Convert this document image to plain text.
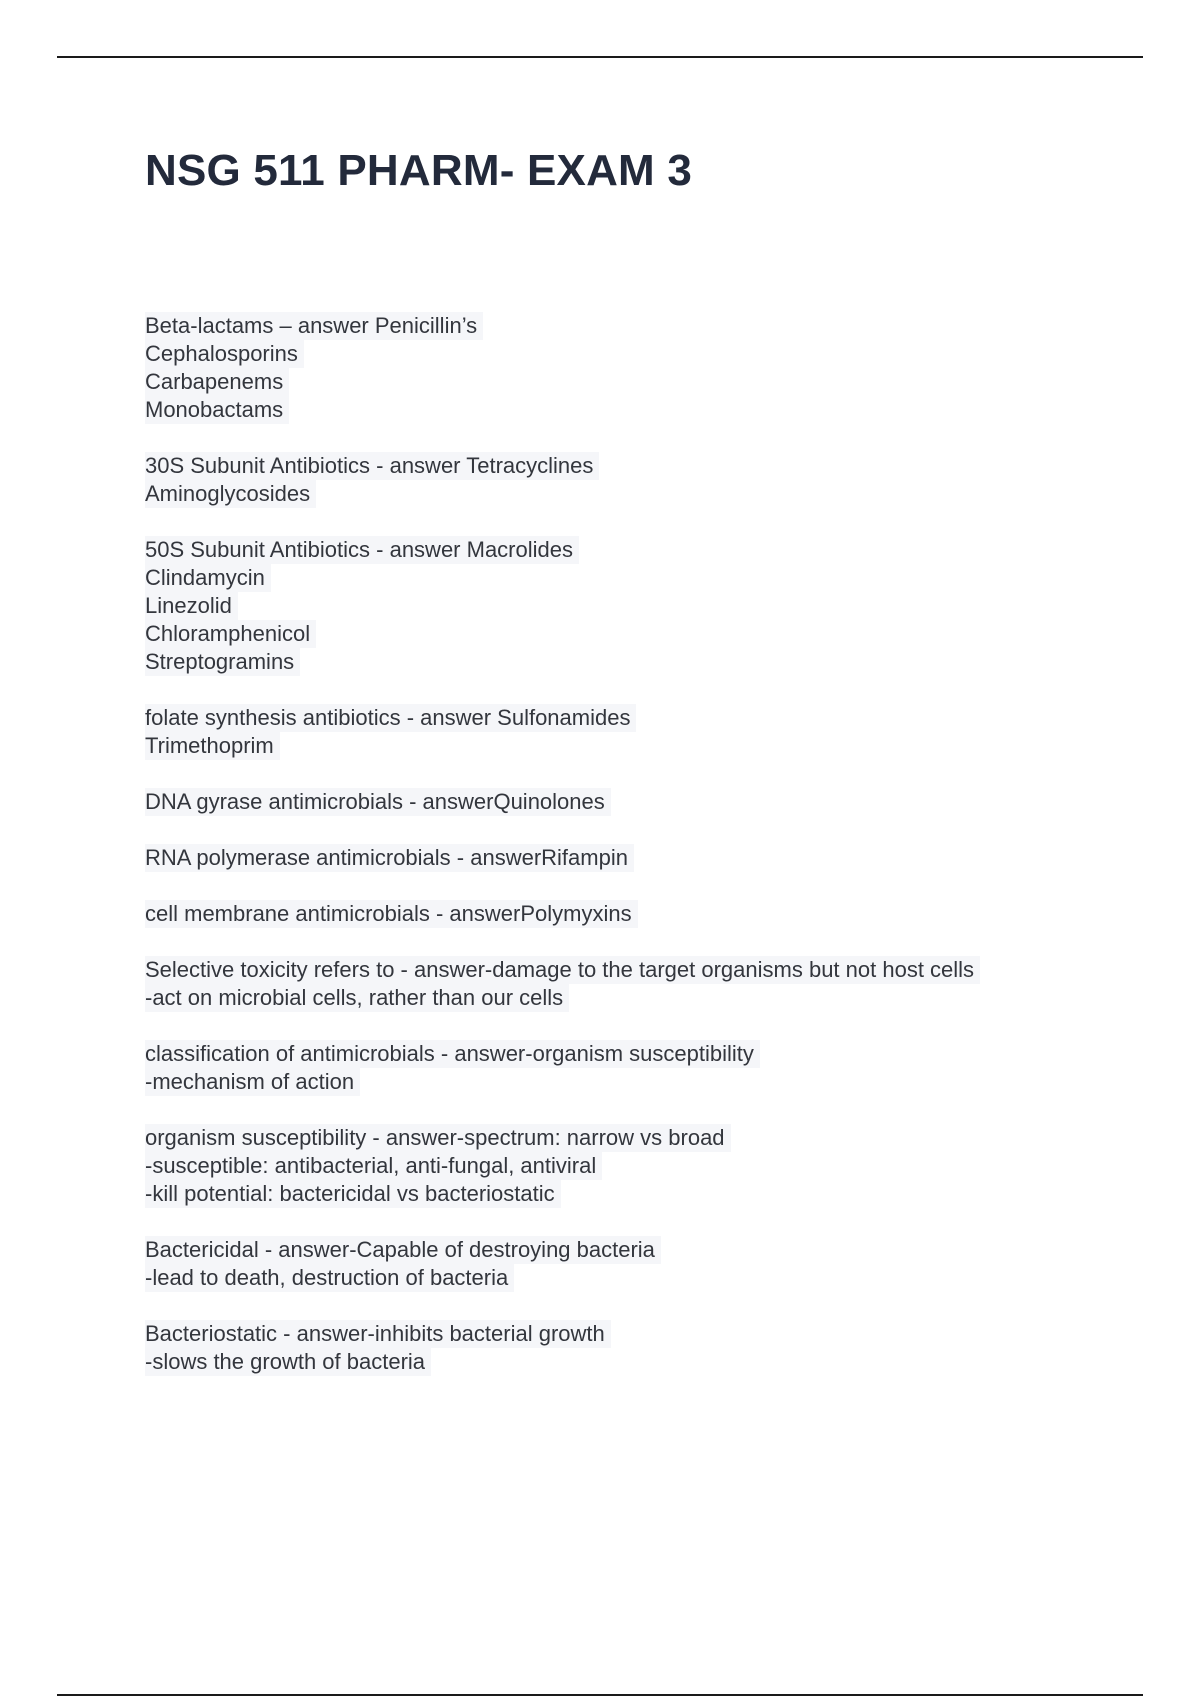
NSG 511 PHARM- EXAM 3
Beta-lactams – answer Penicillin’s
Cephalosporins
Carbapenems
Monobactams
30S Subunit Antibiotics - answer Tetracyclines
Aminoglycosides
50S Subunit Antibiotics - answer Macrolides
Clindamycin
Linezolid
Chloramphenicol
Streptogramins
folate synthesis antibiotics - answer Sulfonamides
Trimethoprim
DNA gyrase antimicrobials - answerQuinolones
RNA polymerase antimicrobials - answerRifampin
cell membrane antimicrobials - answerPolymyxins
Selective toxicity refers to - answer-damage to the target organisms but not host cells
-act on microbial cells, rather than our cells
classification of antimicrobials - answer-organism susceptibility
-mechanism of action
organism susceptibility - answer-spectrum: narrow vs broad
-susceptible: antibacterial, anti-fungal, antiviral
-kill potential: bactericidal vs bacteriostatic
Bactericidal - answer-Capable of destroying bacteria
-lead to death, destruction of bacteria
Bacteriostatic - answer-inhibits bacterial growth
-slows the growth of bacteria
